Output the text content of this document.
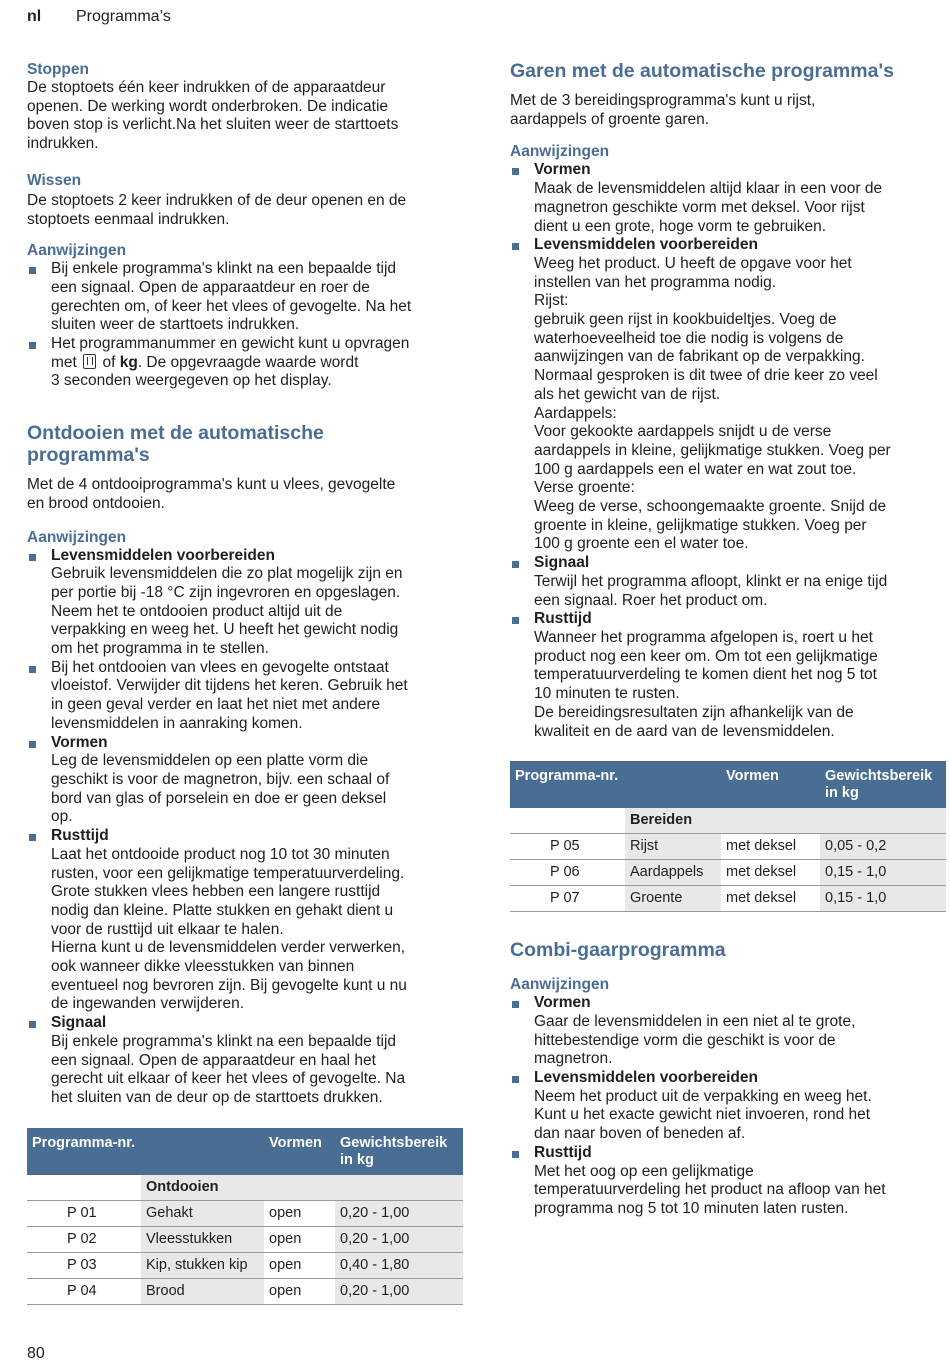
nl Programma’s
Stoppen

De stoptoets één keer indrukken of de apparaatdeur
openen. De werking wordt onderbroken. De indicatie
boven stop is verlicht.Na het sluiten weer de starttoets
indrukken.

Wissen

De stoptoets 2 keer indrukken of de deur openen en de
stoptoets eenmaal indrukken.

Aanwijzingen
Bij enkele programma's klinkt na een bepaalde tijd
een signaal. Open de apparaatdeur en roer de
gerechten om, of keer het vlees of gevogelte. Na het
sluiten weer de starttoets indrukken.
Het programmanummer en gewicht kunt u opvragen
met of kg. De opgevraagde waarde wordt
3 seconden weergegeven op het display.
Ontdooien met de automatische
programma's

Met de 4 ontdooiprogramma's kunt u vlees, gevogelte
en brood ontdooien.

Aanwijzingen
Levensmiddelen voorbereiden
Gebruik levensmiddelen die zo plat mogelijk zijn en
per portie bij -18 °C zijn ingevroren en opgeslagen.
Neem het te ontdooien product altijd uit de
verpakking en weeg het. U heeft het gewicht nodig
om het programma in te stellen.
Bij het ontdooien van vlees en gevogelte ontstaat
vloeistof. Verwijder dit tijdens het keren. Gebruik het
in geen geval verder en laat het niet met andere
levensmiddelen in aanraking komen.
Vormen
Leg de levensmiddelen op een platte vorm die
geschikt is voor de magnetron, bijv. een schaal of
bord van glas of porselein en doe er geen deksel
op.
Rusttijd
Laat het ontdooide product nog 10 tot 30 minuten
rusten, voor een gelijkmatige temperatuurverdeling.
Grote stukken vlees hebben een langere rusttijd
nodig dan kleine. Platte stukken en gehakt dient u
voor de rusttijd uit elkaar te halen.
Hierna kunt u de levensmiddelen verder verwerken,
ook wanneer dikke vleesstukken van binnen
eventueel nog bevroren zijn. Bij gevogelte kunt u nu
de ingewanden verwijderen.
Signaal
Bij enkele programma's klinkt na een bepaalde tijd
een signaal. Open de apparaatdeur en haal het
gerecht uit elkaar of keer het vlees of gevogelte. Na
het sluiten van de deur op de starttoets drukken.
Programma-nr.		Vormen	Gewichtsbereik
in kg

	Ontdooien		
P 01	Gehakt	open	0,20 - 1,00
P 02	Vleesstukken	open	0,20 - 1,00
P 03	Kip, stukken kip	open	0,40 - 1,80
P 04	Brood	open	0,20 - 1,00
Garen met de automatische programma's

Met de 3 bereidingsprogramma's kunt u rijst,
aardappels of groente garen.

Aanwijzingen
Vormen
Maak de levensmiddelen altijd klaar in een voor de
magnetron geschikte vorm met deksel. Voor rijst
dient u een grote, hoge vorm te gebruiken.
Levensmiddelen voorbereiden
Weeg het product. U heeft de opgave voor het
instellen van het programma nodig.
Rijst:
gebruik geen rijst in kookbuideltjes. Voeg de
waterhoeveelheid toe die nodig is volgens de
aanwijzingen van de fabrikant op de verpakking.
Normaal gesproken is dit twee of drie keer zo veel
als het gewicht van de rijst.
Aardappels:
Voor gekookte aardappels snijdt u de verse
aardappels in kleine, gelijkmatige stukken. Voeg per
100 g aardappels een el water en wat zout toe.
Verse groente:
Weeg de verse, schoongemaakte groente. Snijd de
groente in kleine, gelijkmatige stukken. Voeg per
100 g groente een el water toe.
Signaal
Terwijl het programma afloopt, klinkt er na enige tijd
een signaal. Roer het product om.
Rusttijd
Wanneer het programma afgelopen is, roert u het
product nog een keer om. Om tot een gelijkmatige
temperatuurverdeling te komen dient het nog 5 tot
10 minuten te rusten.
De bereidingsresultaten zijn afhankelijk van de
kwaliteit en de aard van de levensmiddelen.
Programma-nr.		Vormen	Gewichtsbereik
in kg

	Bereiden		
P 05	Rijst	met deksel	0,05 - 0,2
P 06	Aardappels	met deksel	0,15 - 1,0
P 07	Groente	met deksel	0,15 - 1,0
Combi-gaarprogramma
Aanwijzingen
Vormen
Gaar de levensmiddelen in een niet al te grote,
hittebestendige vorm die geschikt is voor de
magnetron.
Levensmiddelen voorbereiden
Neem het product uit de verpakking en weeg het.
Kunt u het exacte gewicht niet invoeren, rond het
dan naar boven of beneden af.
Rusttijd
Met het oog op een gelijkmatige
temperatuurverdeling het product na afloop van het
programma nog 5 tot 10 minuten laten rusten.
80
